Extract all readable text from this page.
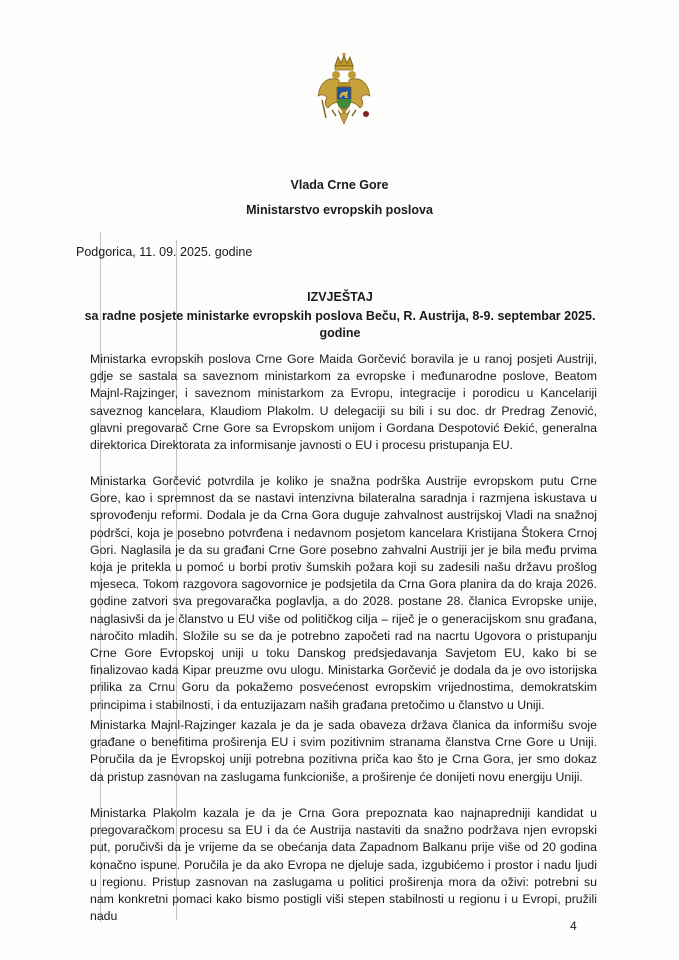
Vlada Crne Gore
Ministarstvo evropskih poslova
Podgorica, 11. 09. 2025. godine
IZVJEŠTAJ
sa radne posjete ministarke evropskih poslova Beču, R. Austrija, 8-9. septembar 2025. godine
Ministarka evropskih poslova Crne Gore Maida Gorčević boravila je u ranoj posjeti Austriji, gdje se sastala sa saveznom ministarkom za evropske i međunarodne poslove, Beatom Majnl-Rajzinger, i saveznom ministarkom za Evropu, integracije i porodicu u Kancelariji saveznog kancelara, Klaudiom Plakolm. U delegaciji su bili i su doc. dr Predrag Zenović, glavni pregovarač Crne Gore sa Evropskom unijom i Gordana Despotović Đekić, generalna direktorica Direktorata za informisanje javnosti o EU i procesu pristupanja EU.
Ministarka Gorčević potvrdila je koliko je snažna podrška Austrije evropskom putu Crne Gore, kao i spremnost da se nastavi intenzivna bilateralna saradnja i razmjena iskustava u sprovođenju reformi. Dodala je da Crna Gora duguje zahvalnost austrijskoj Vladi na snažnoj podršci, koja je posebno potvrđena i nedavnom posjetom kancelara Kristijana Štokera Crnoj Gori. Naglasila je da su građani Crne Gore posebno zahvalni Austriji jer je bila među prvima koja je pritekla u pomoć u borbi protiv šumskih požara koji su zadesili našu državu prošlog mjeseca. Tokom razgovora sagovornice je podsjetila da Crna Gora planira da do kraja 2026. godine zatvori sva pregovaračka poglavlja, a do 2028. postane 28. članica Evropske unije, naglasivši da je članstvo u EU više od političkog cilja – riječ je o generacijskom snu građana, naročito mladih. Složile su se da je potrebno započeti rad na nacrtu Ugovora o pristupanju Crne Gore Evropskoj uniji u toku Danskog predsjedavanja Savjetom EU, kako bi se finalizovao kada Kipar preuzme ovu ulogu. Ministarka Gorčević je dodala da je ovo istorijska prilika za Crnu Goru da pokažemo posvećenost evropskim vrijednostima, demokratskim principima i stabilnosti, i da entuzijazam naših građana pretočimo u članstvo u Uniji.
Ministarka Majnl-Rajzinger kazala je da je sada obaveza država članica da informišu svoje građane o benefitima proširenja EU i svim pozitivnim stranama članstva Crne Gore u Uniji. Poručila da je Evropskoj uniji potrebna pozitivna priča kao što je Crna Gora, jer smo dokaz da pristup zasnovan na zaslugama funkcioniše, a proširenje će donijeti novu energiju Uniji.
Ministarka Plakolm kazala je da je Crna Gora prepoznata kao najnapredniji kandidat u pregovaračkom procesu sa EU i da će Austrija nastaviti da snažno podržava njen evropski put, poručivši da je vrijeme da se obećanja data Zapadnom Balkanu prije više od 20 godina konačno ispune. Poručila je da ako Evropa ne djeluje sada, izgubićemo i prostor i nadu ljudi u regionu. Pristup zasnovan na zaslugama u politici proširenja mora da oživi: potrebni su nam konkretni pomaci kako bismo postigli viši stepen stabilnosti u regionu i u Evropi, pružili nadu
4
